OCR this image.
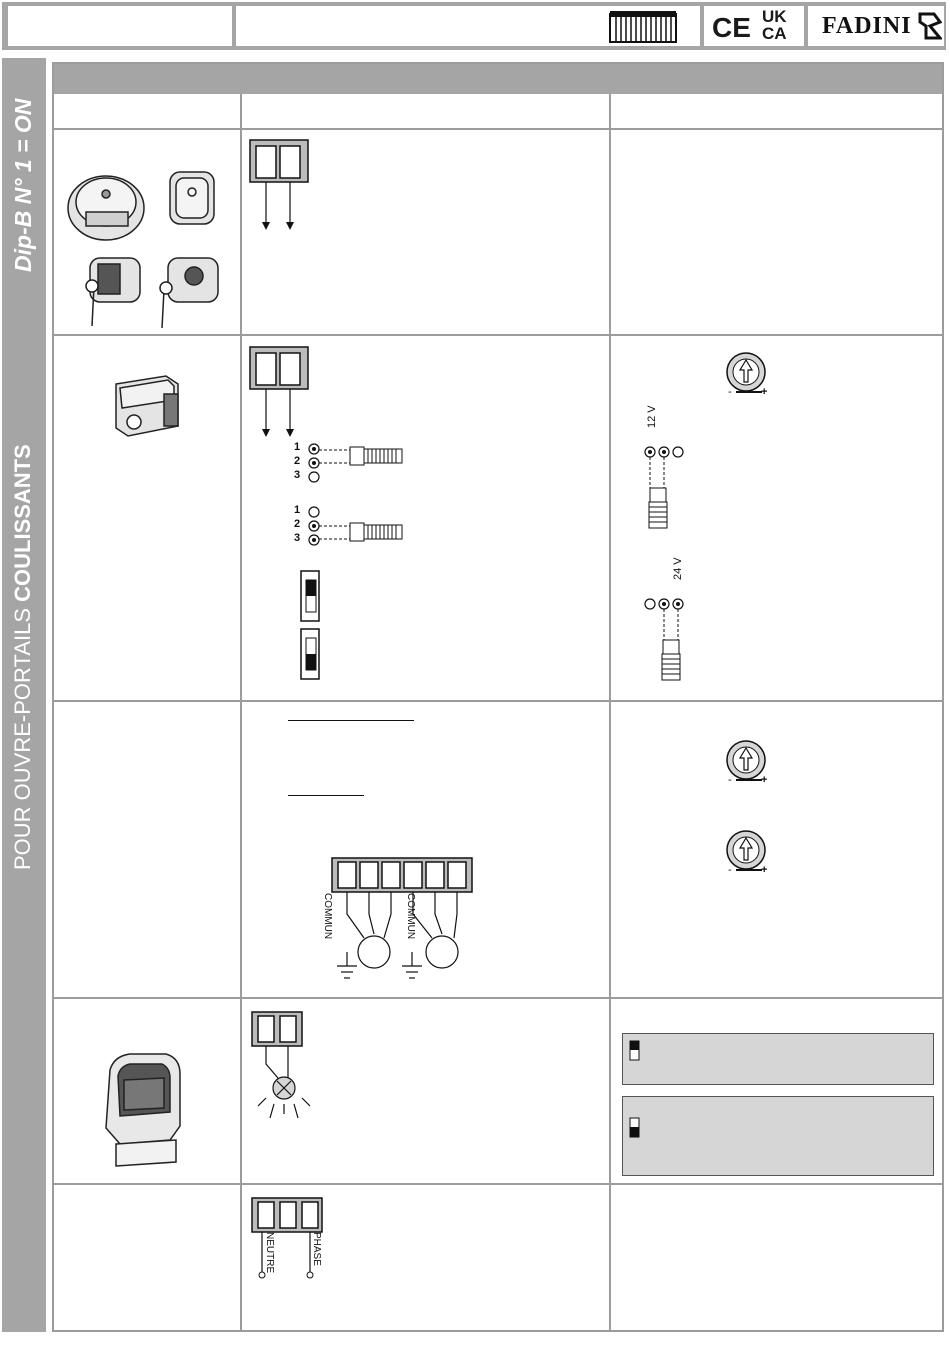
CE UK
CA FADINI
POUR OUVRE-PORTAILS COULISSANTS
Dip-B N° 1 = ON
1
2
3
1
2
3
-	+
12 V
24 V
COMMUN	COMMUN
-	+
-	+
NEUTRE	PHASE
